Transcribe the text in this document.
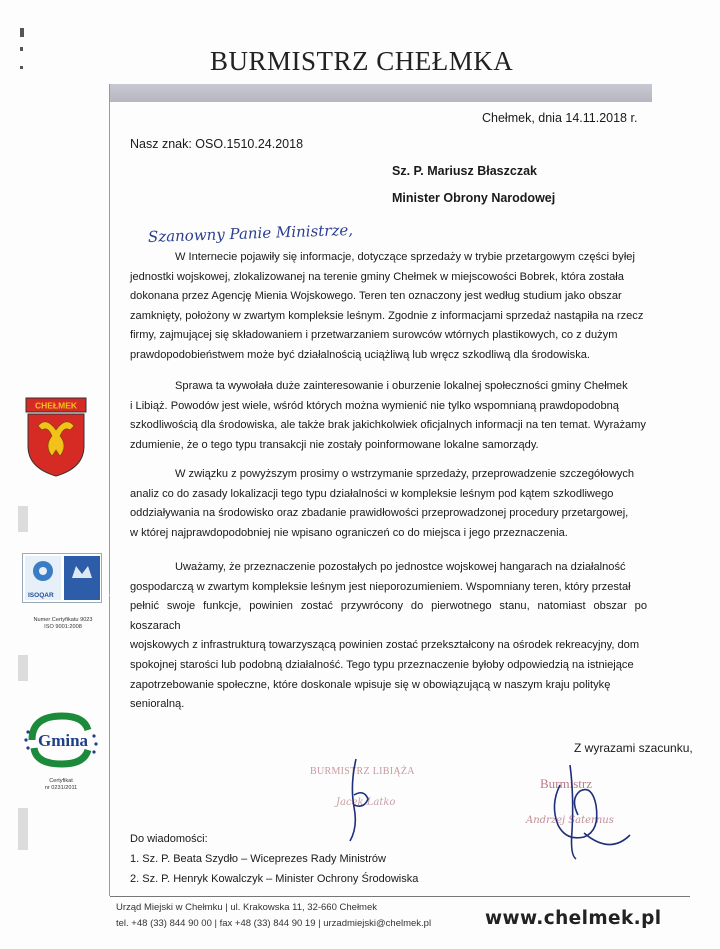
BURMISTRZ CHEŁMKA
Chełmek, dnia 14.11.2018 r.
Nasz znak: OSO.1510.24.2018
Sz. P. Mariusz Błaszczak
Minister Obrony Narodowej
Szanowny Panie Ministrze,
W Internecie pojawiły się informacje, dotyczące sprzedaży w trybie przetargowym części byłej
jednostki wojskowej, zlokalizowanej na terenie gminy Chełmek w miejscowości Bobrek, która została
dokonana przez Agencję Mienia Wojskowego. Teren ten oznaczony jest według studium jako obszar
zamknięty, położony w zwartym kompleksie leśnym. Zgodnie z informacjami sprzedaż nastąpiła na rzecz
firmy, zajmującej się składowaniem i przetwarzaniem surowców wtórnych plastikowych, co z dużym
prawdopodobieństwem może być działalnością uciążliwą lub wręcz szkodliwą dla środowiska.
Sprawa ta wywołała duże zainteresowanie i oburzenie lokalnej społeczności gminy Chełmek
i Libiąż. Powodów jest wiele, wśród których można wymienić nie tylko wspomnianą prawdopodobną
szkodliwością dla środowiska, ale także brak jakichkolwiek oficjalnych informacji na ten temat. Wyrażamy
zdumienie, że o tego typu transakcji nie zostały poinformowane lokalne samorządy.
W związku z powyższym prosimy o wstrzymanie sprzedaży, przeprowadzenie szczegółowych
analiz co do zasady lokalizacji tego typu działalności w kompleksie leśnym pod kątem szkodliwego
oddziaływania na środowisko oraz zbadanie prawidłowości przeprowadzonej procedury przetargowej,
w której najprawdopodobniej nie wpisano ograniczeń co do miejsca i jego przeznaczenia.
Uważamy, że przeznaczenie pozostałych po jednostce wojskowej hangarach na działalność
gospodarczą w zwartym kompleksie leśnym jest nieporozumieniem. Wspomniany teren, który przestał
pełnić swoje funkcje, powinien zostać przywrócony do pierwotnego stanu, natomiast obszar po koszarach
wojskowych z infrastrukturą towarzyszącą powinien zostać przekształcony na ośrodek rekreacyjny, dom
spokojnej starości lub podobną działalność. Tego typu przeznaczenie byłoby odpowiedzią na istniejące
zapotrzebowanie społeczne, które doskonale wpisuje się w obowiązującą w naszym kraju politykę
senioralną.
CHEŁMEK
ISOQAR	UKAS
Numer Certyfikatu 9023
ISO 9001:2008
Gmina
Certyfikat
nr 0231/2011
Z wyrazami szacunku,
BURMISTRZ LIBIĄŻA
Jacek Latko
Burmistrz
Andrzej Saternus
Do wiadomości:
1. Sz. P. Beata Szydło – Wiceprezes Rady Ministrów
2. Sz. P. Henryk Kowalczyk – Minister Ochrony Środowiska
Urząd Miejski w Chełmku | ul. Krakowska 11, 32-660 Chełmek
tel. +48 (33) 844 90 00 | fax +48 (33) 844 90 19 | urzadmiejski@chelmek.pl	www.chelmek.pl
